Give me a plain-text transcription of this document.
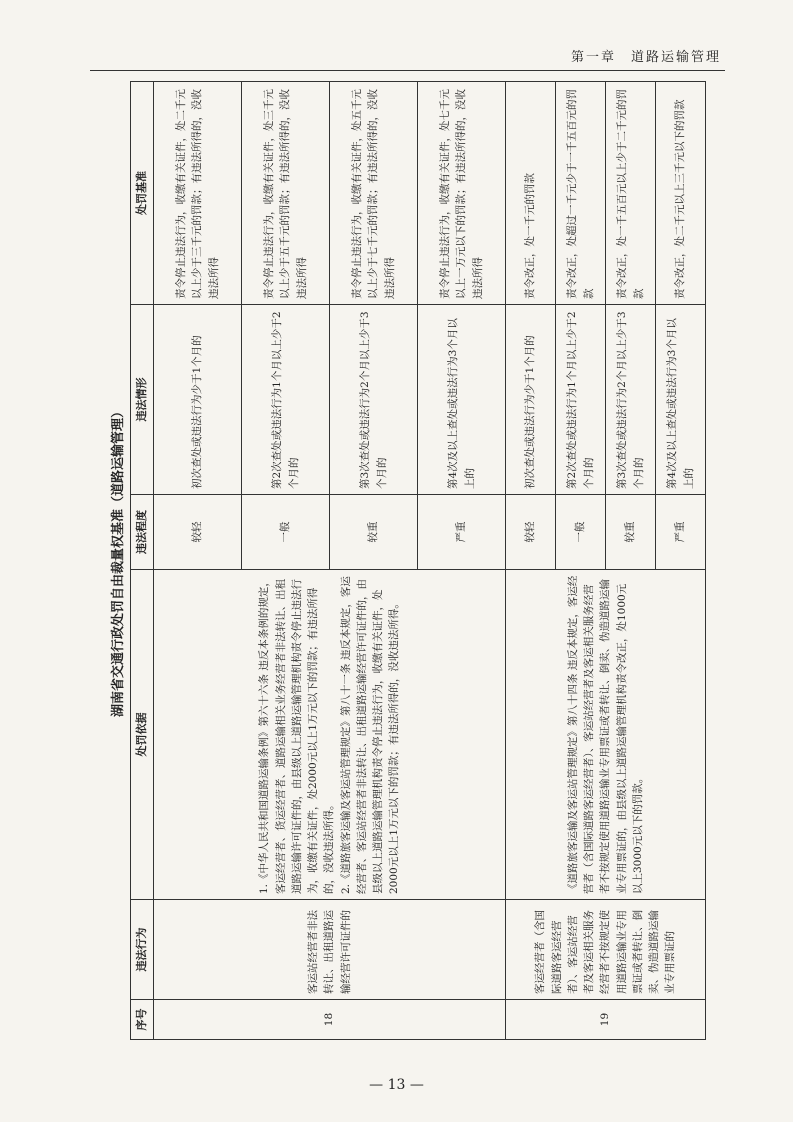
第一章　道路运输管理
湖南省交通行政处罚自由裁量权基准（道路运输管理）
序号	违法行为	处罚依据	违法程度	违法情形	处罚基准
18	客运站经营者非法转让、出租道路运输经营许可证件的	1.《中华人民共和国道路运输条例》第六十六条 违反本条例的规定，客运经营者、货运经营者、道路运输相关业务经营者非法转让、出租道路运输许可证件的，由县级以上道路运输管理机构责令停止违法行为，收缴有关证件，处2000元以上1万元以下的罚款；有违法所得的，没收违法所得。
2.《道路旅客运输及客运站管理规定》第八十一条 违反本规定，客运经营者、客运站经营者非法转让、出租道路运输经营许可证件的，由县级以上道路运输管理机构责令停止违法行为，收缴有关证件，处2000元以上1万元以下的罚款；有违法所得的，没收违法所得。	较轻	初次查处或违法行为少于1个月的	责令停止违法行为，收缴有关证件，处二千元以上少于三千元的罚款；有违法所得的，没收违法所得
			一般	第2次查处或违法行为1个月以上少于2个月的	责令停止违法行为，收缴有关证件，处三千元以上少于五千元的罚款；有违法所得的，没收违法所得
			较重	第3次查处或违法行为2个月以上少于3个月的	责令停止违法行为，收缴有关证件，处五千元以上少于七千元的罚款；有违法所得的，没收违法所得
			严重	第4次及以上查处或违法行为3个月以上的	责令停止违法行为，收缴有关证件，处七千元以上一万元以下的罚款；有违法所得的，没收违法所得
19	客运经营者（含国际道路客运经营者）、客运站经营者及客运相关服务经营者不按规定使用道路运输业专用票证或者转让、倒卖、伪造道路运输业专用票证的	《道路旅客运输及客运站管理规定》第八十四条 违反本规定，客运经营者（含国际道路客运经营者）、客运站经营者及客运相关服务经营者不按规定使用道路运输业专用票证或者转让、倒卖、伪造道路运输业专用票证的，由县级以上道路运输管理机构责令改正，处1000元以上3000元以下的罚款。	较轻	初次查处或违法行为少于1个月的	责令改正，处一千元的罚款
			一般	第2次查处或违法行为1个月以上少于2个月的	责令改正，处超过一千元少于一千五百元的罚款
			较重	第3次查处或违法行为2个月以上少于3个月的	责令改正，处一千五百元以上少于二千元的罚款
			严重	第4次及以上查处或违法行为3个月以上的	责令改正，处二千元以上三千元以下的罚款
— 13 —
